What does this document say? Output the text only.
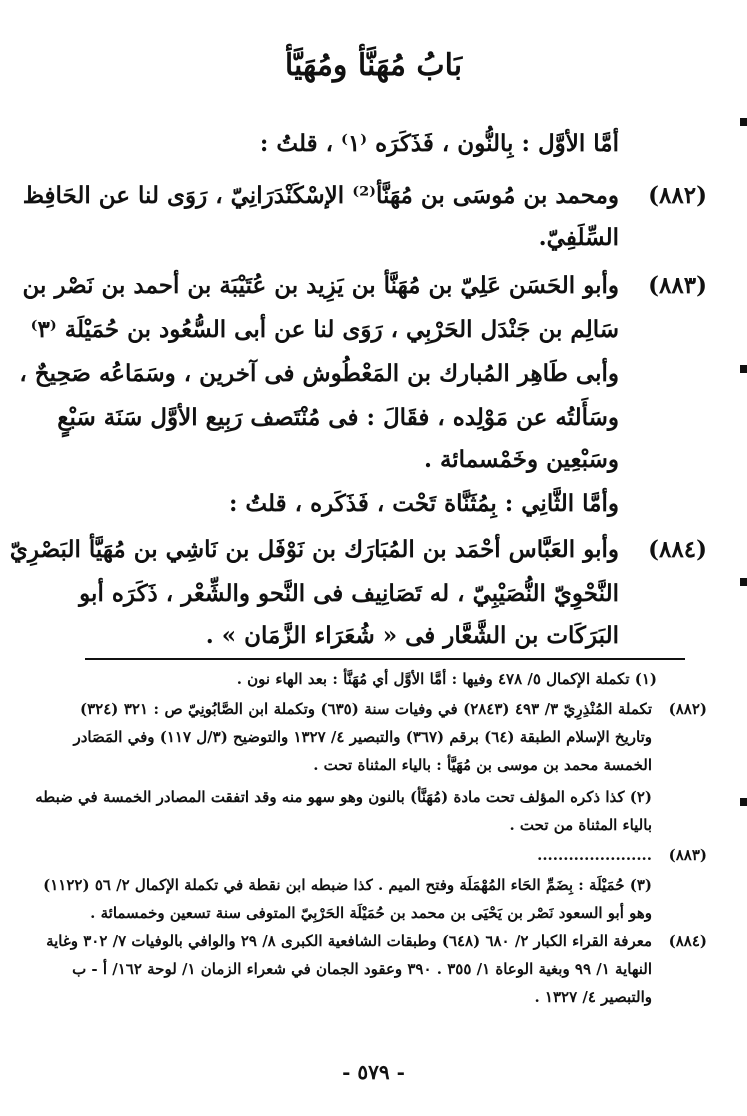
بَابُ مُهَنَّأ ومُهَيَّأ
أمَّا الأوَّل : بِالنُّون ، فَذَكَرَه ⁽١⁾ ، قلتُ :
(٨٨٢)
ومحمد بن مُوسَى بن مُهَنَّأ⁽²⁾ الإسْكَنْدَرَانِيّ ، رَوَى لنا عن الحَافِظ
السِّلَفِيّ.
(٨٨٣)
وأبو الحَسَن عَلِيّ بن مُهَنَّأ بن يَزِيد بن عُتَيْبَة بن أحمد بن نَصْر بن
سَالِم بن جَنْدَل الحَرْبِي ، رَوَى لنا عن أبى السُّعُود بن حُمَيْلَة ⁽٣⁾
وأبى طَاهِر المُبارك بن المَعْطُوش فى آخرين ، وسَمَاعُه صَحِيحٌ ،
وسَأَلتُه عن مَوْلِده ، فقَالَ : فى مُنْتَصف رَبِيع الأوَّل سَنَة سَبْعٍ
وسَبْعِين وخَمْسمائة .
وأمَّا الثَّانِي : بِمُثَنَّاة تَحْت ، فَذَكَره ، قلتُ :
(٨٨٤)
وأبو العَبَّاس أحْمَد بن المُبَارَك بن نَوْفَل بن نَاشِي بن مُهَيَّأ البَصْرِيّ
النَّحْوِيّ النُّصَيْبِيّ ، له تَصَانِيف فى النَّحو والشِّعْر ، ذَكَرَه أبو
البَرَكَات بن الشَّعَّار فى « شُعَرَاء الزَّمَان » .
(١) تكملة الإكمال ٥/ ٤٧٨ وفيها : أمَّا الأوَّل أي مُهَنَّأ : بعد الهاء نون .
(٨٨٢)
تكملة المُنْذِرِيّ ٣/ ٤٩٣ (٢٨٤٣) في وفيات سنة (٦٣٥) وتكملة ابن الصَّابُونِيّ ص : ٣٢١ (٣٢٤)
وتاريخ الإسلام الطبقة (٦٤) برقم (٣٦٧) والتبصير ٤/ ١٣٢٧ والتوضيح (٣/ل ١١٧) وفي المَصَادر
الخمسة محمد بن موسى بن مُهَيَّأ : بالياء المثناة تحت .
(٢) كذا ذكره المؤلف تحت مادة (مُهَنَّأ) بالنون وهو سهو منه وقد اتفقت المصادر الخمسة في ضبطه
بالياء المثناة من تحت .
(٨٨٣)
......................
(٣) حُمَيْلَة : بِضَمِّ الحَاء المُهْمَلَة وفتح الميم . كذا ضبطه ابن نقطة في تكملة الإكمال ٢/ ٥٦ (١١٢٢)
وهو أبو السعود نَصْر بن يَحْيَى بن محمد بن حُمَيْلَة الحَرْبِيّ المتوفى سنة تسعين وخمسمائة .
(٨٨٤)
معرفة القراء الكبار ٢/ ٦٨٠ (٦٤٨) وطبقات الشافعية الكبرى ٨/ ٢٩ والوافي بالوفيات ٧/ ٣٠٢ وغاية
النهاية ١/ ٩٩ وبغية الوعاة ١/ ٣٥٥ . ٣٩٠ وعقود الجمان في شعراء الزمان ١/ لوحة ١٦٢/ أ - ب
والتبصير ٤/ ١٣٢٧ .
- ٥٧٩ -
